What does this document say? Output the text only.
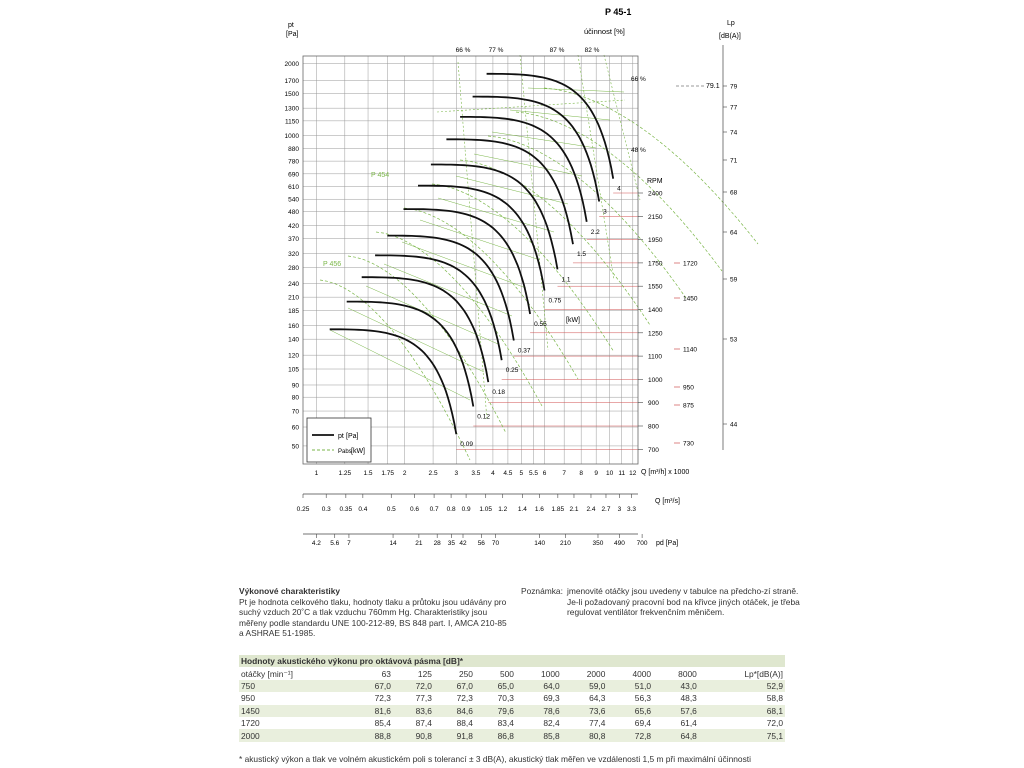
2000
1700
1500
1300
1150
1000
880
780
690
610
540
480
420
370
320
280
240
210
185
160
140
120
105
90
80
70
60
50
1	1.25 1.5 1.75 2	2.5	3 3.5 4 4.5 5 5.5 6 7 8 9 10 11 12
0.25 0.3 0.35 0.4	0.5 0.6 0.7 0.8 0.9 1.05 1.2 1.4 1.6 1.85 2.1 2.4 2.7 3 3.3
4.2 5.6 7	14	21 28 35 42 56 70	140 210	350 490 700
2400
2150
1950
1750
1550
1400
1250
1100
1000
900
800
700
4
3
2.2
1.5
1.1
0.75
0.55
0.37
0.25
0.18
0.12
0.09
66 %	77 %	87 %	82 %
66 %
48 %
79
77
74
71
68
64
59
53
44
1720
1450
1140
950
875
730
P 45-1
pt
[Pa]	účinnost [%]
RPM
[kW]
Lp
[dB(A)]
79.1
Q [m³/h] x 1000
Q [m³/s]
pd [Pa]
P 454
P 456
pt [Pa]
Pabs [kW]
Výkonové charakteristiky
Pt je hodnota celkového tlaku, hodnoty tlaku a průtoku jsou udávány pro suchý vzduch 20˚C a tlak vzduchu 760mm Hg. Charakteristiky jsou měřeny podle standardu UNE 100-212-89, BS 848 part. I, AMCA 210-85 a ASHRAE 51-1985.
Poznámka: jmenovité otáčky jsou uvedeny v tabulce na předcho-zí straně. Je-li požadovaný pracovní bod na křivce jiných otáček, je třeba regulovat ventilátor frekvenčním měničem.
Hodnoty akustického výkonu pro oktávová pásma [dB]*									
otáčky [min⁻¹]	63	125	250	500	1000	2000	4000	8000	Lp*[dB(A)]
750	67,0	72,0	67,0	65,0	64,0	59,0	51,0	43,0	52,9
950	72,3	77,3	72,3	70,3	69,3	64,3	56,3	48,3	58,8
1450	81,6	83,6	84,6	79,6	78,6	73,6	65,6	57,6	68,1
1720	85,4	87,4	88,4	83,4	82,4	77,4	69,4	61,4	72,0
2000	88,8	90,8	91,8	86,8	85,8	80,8	72,8	64,8	75,1
* akustický výkon a tlak ve volném akustickém poli s tolerancí ± 3 dB(A), akustický tlak měřen ve vzdálenosti 1,5 m při maximální účinnosti
